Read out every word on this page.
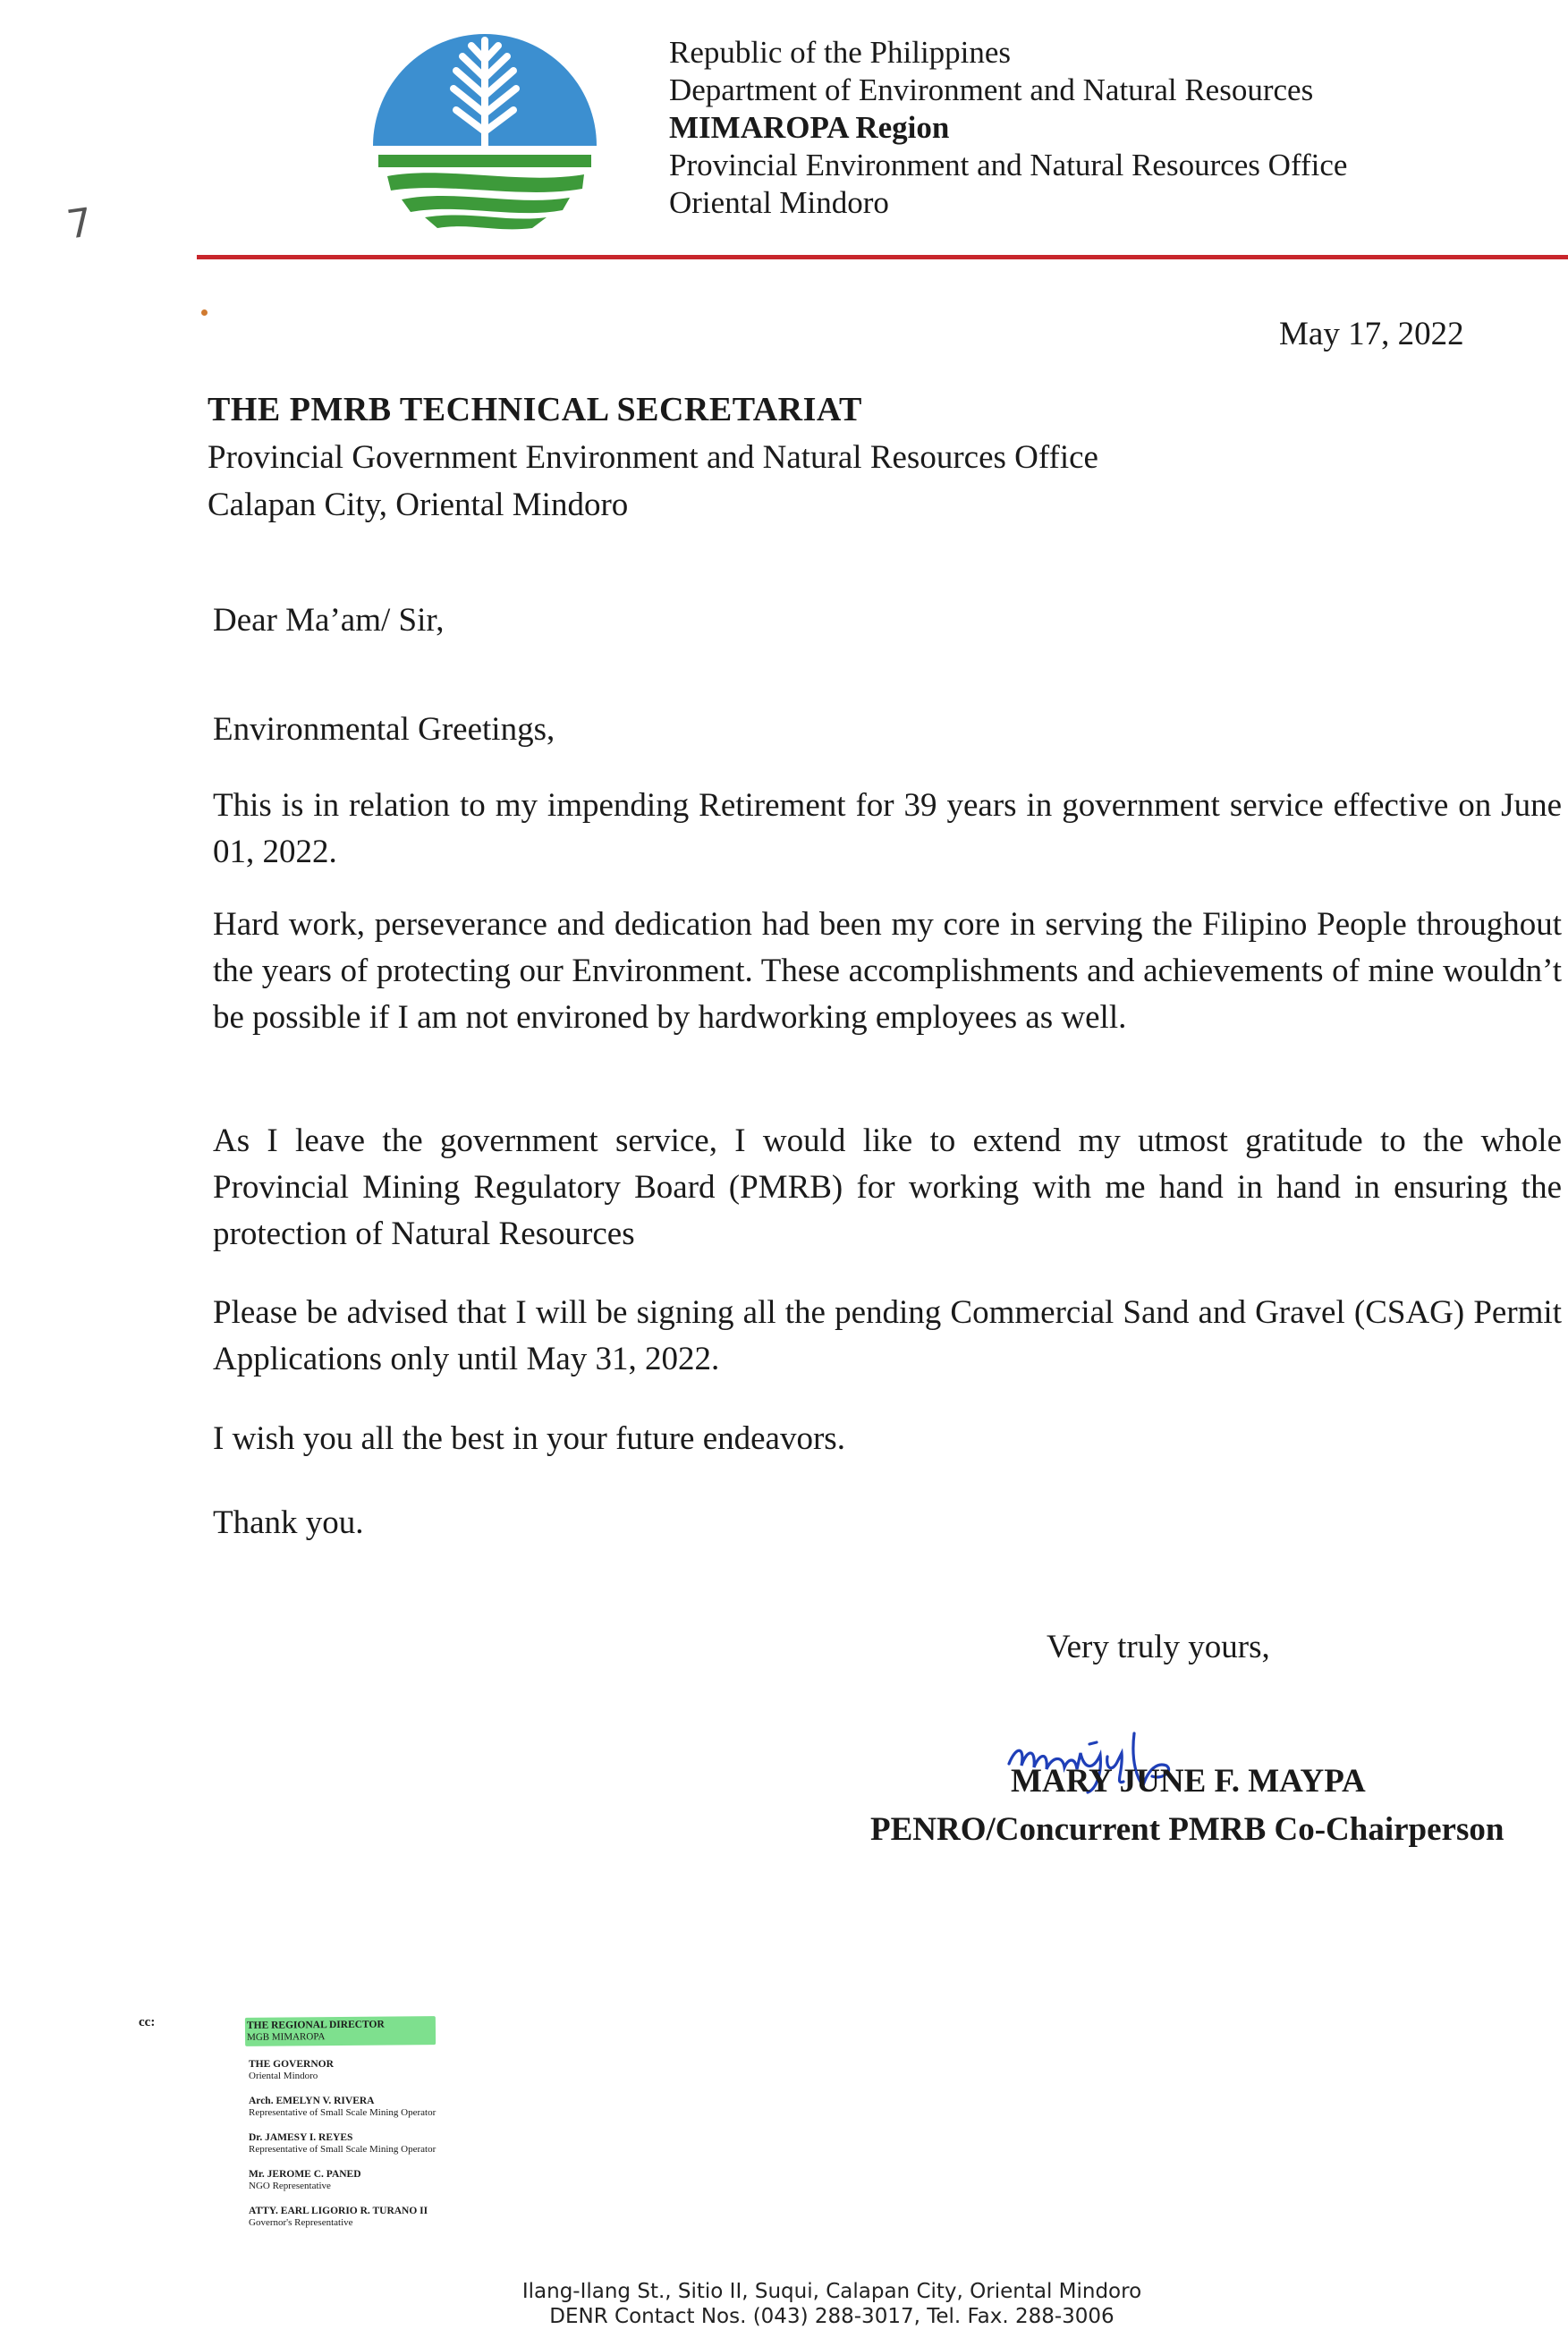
Republic of the Philippines
Department of Environment and Natural Resources
MIMAROPA Region
Provincial Environment and Natural Resources Office
Oriental Mindoro
7
May 17, 2022
THE PMRB TECHNICAL SECRETARIAT
Provincial Government Environment and Natural Resources Office
Calapan City, Oriental Mindoro
Dear Ma’am/ Sir,
Environmental Greetings,
This is in relation to my impending Retirement for 39 years in government service effective on June 01, 2022.
Hard work, perseverance and dedication had been my core in serving the Filipino People throughout the years of protecting our Environment. These accomplishments and achievements of mine wouldn’t be possible if I am not environed by hardworking employees as well.
As I leave the government service, I would like to extend my utmost gratitude to the whole Provincial Mining Regulatory Board (PMRB) for working with me hand in hand in ensuring the protection of Natural Resources
Please be advised that I will be signing all the pending Commercial Sand and Gravel (CSAG) Permit Applications only until May 31, 2022.
I wish you all the best in your future endeavors.
Thank you.
Very truly yours,
MARY JUNE F. MAYPA
PENRO/Concurrent PMRB Co-Chairperson
cc:	THE REGIONAL DIRECTOR
MGB MIMAROPA
THE GOVERNOR
Oriental Mindoro
Arch. EMELYN V. RIVERA
Representative of Small Scale Mining Operator
Dr. JAMESY I. REYES
Representative of Small Scale Mining Operator
Mr. JEROME C. PANED
NGO Representative
ATTY. EARL LIGORIO R. TURANO II
Governor's Representative
Ilang-Ilang St., Sitio II, Suqui, Calapan City, Oriental Mindoro
DENR Contact Nos. (043) 288-3017, Tel. Fax. 288-3006
